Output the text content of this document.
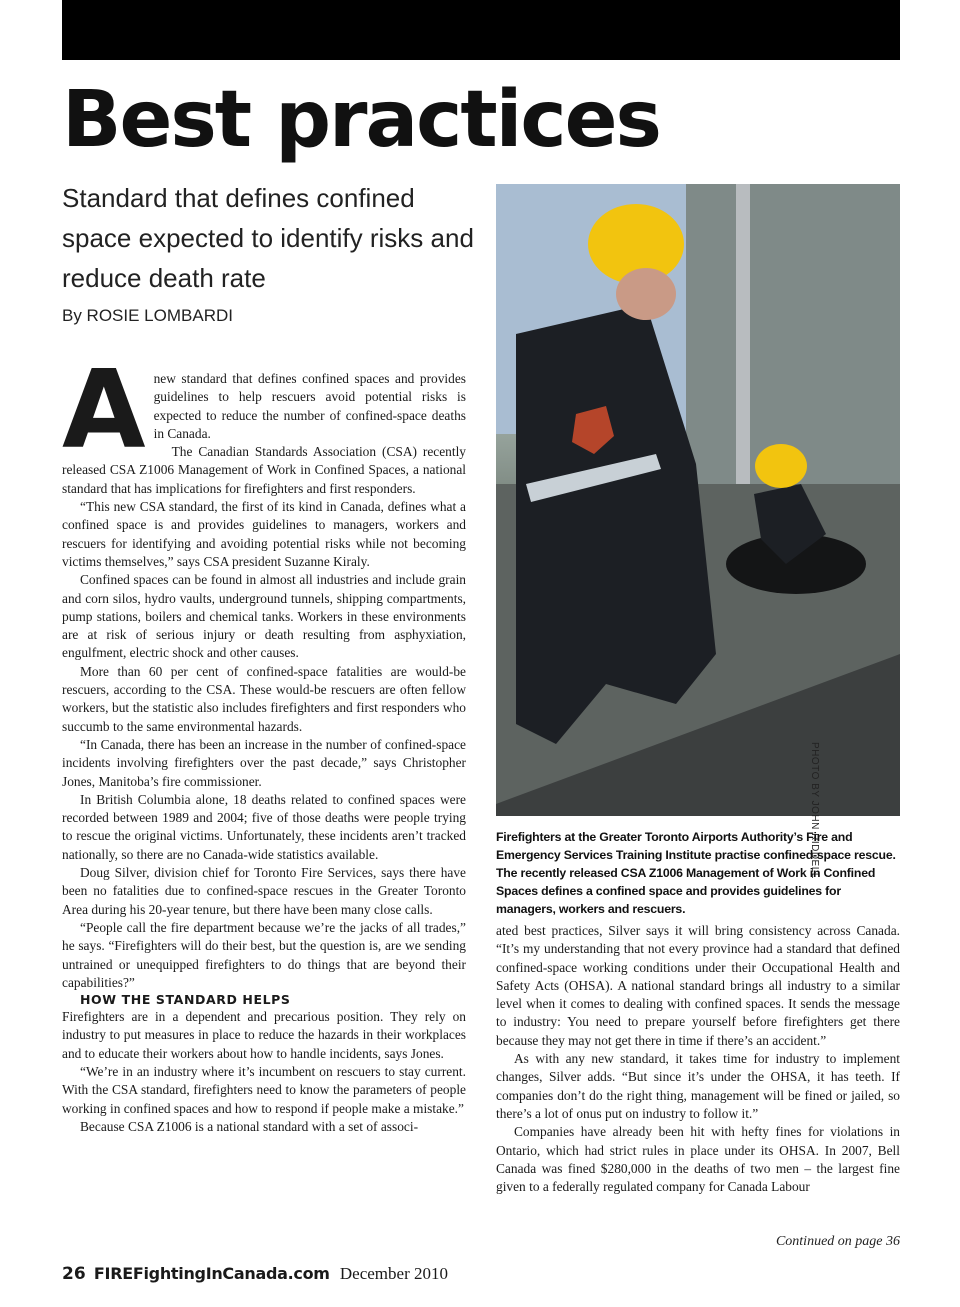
Best practices
Standard that defines confined space expected to identify risks and reduce death rate
By ROSIE LOMBARDI
A new standard that defines confined spaces and provides guidelines to help rescuers avoid potential risks is expected to reduce the number of confined-space deaths in Canada.

The Canadian Standards Association (CSA) recently released CSA Z1006 Management of Work in Confined Spaces, a national standard that has implications for firefighters and first responders.

“This new CSA standard, the first of its kind in Canada, defines what a confined space is and provides guidelines to managers, workers and rescuers for identifying and avoiding potential risks while not becoming victims themselves,” says CSA president Suzanne Kiraly.

Confined spaces can be found in almost all industries and include grain and corn silos, hydro vaults, underground tunnels, shipping compartments, pump stations, boilers and chemical tanks. Workers in these environments are at risk of serious injury or death resulting from asphyxiation, engulfment, electric shock and other causes.

More than 60 per cent of confined-space fatalities are would-be rescuers, according to the CSA. These would-be rescuers are often fellow workers, but the statistic also includes firefighters and first responders who succumb to the same environmental hazards.

“In Canada, there has been an increase in the number of confined-space incidents involving firefighters over the past decade,” says Christopher Jones, Manitoba’s fire commissioner.

In British Columbia alone, 18 deaths related to confined spaces were recorded between 1989 and 2004; five of those deaths were people trying to rescue the original victims. Unfortunately, these incidents aren’t tracked nationally, so there are no Canada-wide statistics available.

Doug Silver, division chief for Toronto Fire Services, says there have been no fatalities due to confined-space rescues in the Greater Toronto Area during his 20-year tenure, but there have been many close calls.

“People call the fire department because we’re the jacks of all trades,” he says. “Firefighters will do their best, but the question is, are we sending untrained or unequipped firefighters to do things that are beyond their capabilities?”

HOW THE STANDARD HELPS

Firefighters are in a dependent and precarious position. They rely on industry to put measures in place to reduce the hazards in their workplaces and to educate their workers about how to handle incidents, says Jones.

“We’re in an industry where it’s incumbent on rescuers to stay current. With the CSA standard, firefighters need to know the parameters of people working in confined spaces and how to respond if people make a mistake.”

Because CSA Z1006 is a national standard with a set of associ-

PHOTO BY JOHN RIDDELL
Firefighters at the Greater Toronto Airports Authority’s Fire and Emergency Services Training Institute practise confined-space rescue. The recently released CSA Z1006 Management of Work in Confined Spaces defines a confined space and provides guidelines for managers, workers and rescuers.

ated best practices, Silver says it will bring consistency across Canada. “It’s my understanding that not every province had a standard that defined confined-space working conditions under their Occupational Health and Safety Acts (OHSA). A national standard brings all industry to a similar level when it comes to dealing with confined spaces. It sends the message to industry: You need to prepare yourself before firefighters get there because they may not get there in time if there’s an accident.”

As with any new standard, it takes time for industry to implement changes, Silver adds. “But since it’s under the OHSA, it has teeth. If companies don’t do the right thing, management will be fined or jailed, so there’s a lot of onus put on industry to follow it.”

Companies have already been hit with hefty fines for violations in Ontario, which had strict rules in place under its OHSA. In 2007, Bell Canada was fined $280,000 in the deaths of two men – the largest fine given to a federally regulated company for Canada Labour

Continued on page 36
26 FIREFightingInCanada.com December 2010
